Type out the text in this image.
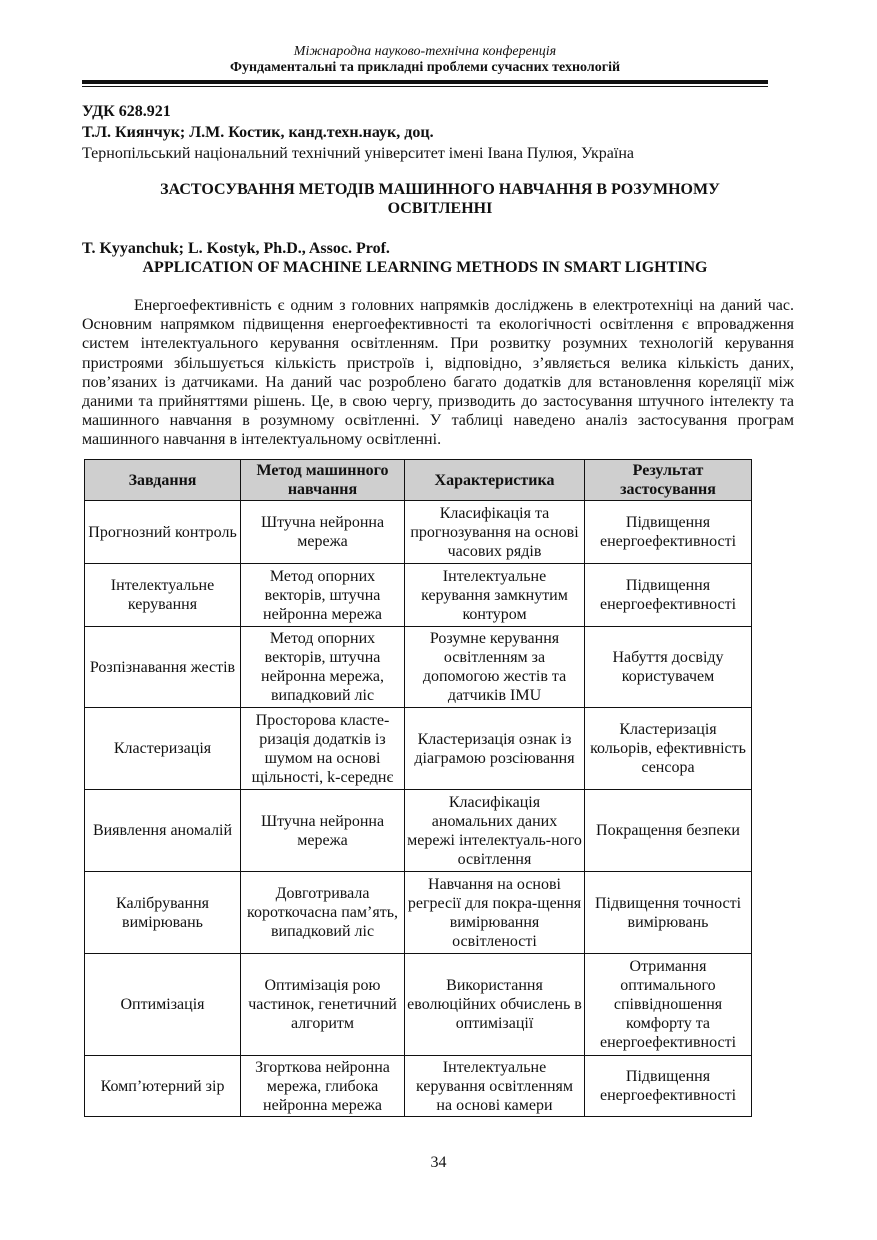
Міжнародна науково-технічна конференція
Фундаментальні та прикладні проблеми сучасних технологій
УДК 628.921
Т.Л. Киянчук; Л.М. Костик, канд.техн.наук, доц.
Тернопільський національний технічний університет імені Івана Пулюя, Україна
ЗАСТОСУВАННЯ МЕТОДІВ МАШИННОГО НАВЧАННЯ В РОЗУМНОМУ ОСВІТЛЕННІ
T. Kyyanchuk; L. Kostyk, Ph.D., Assoc. Prof.
APPLICATION OF MACHINE LEARNING METHODS IN SMART LIGHTING

Енергоефективність є одним з головних напрямків досліджень в електротехніці на даний час. Основним напрямком підвищення енергоефективності та екологічності освітлення є впровадження систем інтелектуального керування освітленням. При розвитку розумних технологій керування пристроями збільшується кількість пристроїв і, відповідно, з’являється велика кількість даних, пов’язаних із датчиками. На даний час розроблено багато додатків для встановлення кореляції між даними та прийняттями рішень. Це, в свою чергу, призводить до застосування штучного інтелекту та машинного навчання в розумному освітленні. У таблиці наведено аналіз застосування програм машинного навчання в інтелектуальному освітленні.

Завдання	Метод машинного навчання	Характеристика	Результат застосування
Прогнозний контроль	Штучна нейронна мережа	Класифікація та прогнозування на основі часових рядів	Підвищення енергоефективності
Інтелектуальне керування	Метод опорних векторів, штучна нейронна мережа	Інтелектуальне керування замкнутим контуром	Підвищення енергоефективності
Розпізнавання жестів	Метод опорних векторів, штучна нейронна мережа, випадковий ліс	Розумне керування освітленням за допомогою жестів та датчиків IMU	Набуття досвіду користувачем
Кластеризація	Просторова класте-ризація додатків із шумом на основі щільності, k-середнє	Кластеризація ознак із діаграмою розсіювання	Кластеризація кольорів, ефективність сенсора
Виявлення аномалій	Штучна нейронна мережа	Класифікація аномальних даних мережі інтелектуаль-ного освітлення	Покращення безпеки
Калібрування вимірювань	Довготривала короткочасна пам’ять, випадковий ліс	Навчання на основі регресії для покра-щення вимірювання освітленості	Підвищення точності вимірювань
Оптимізація	Оптимізація рою частинок, генетичний алгоритм	Використання еволюційних обчислень в оптимізації	Отримання оптимального співвідношення комфорту та енергоефективності
Комп’ютерний зір	Згорткова нейронна мережа, глибока нейронна мережа	Інтелектуальне керування освітленням на основі камери	Підвищення енергоефективності
34
